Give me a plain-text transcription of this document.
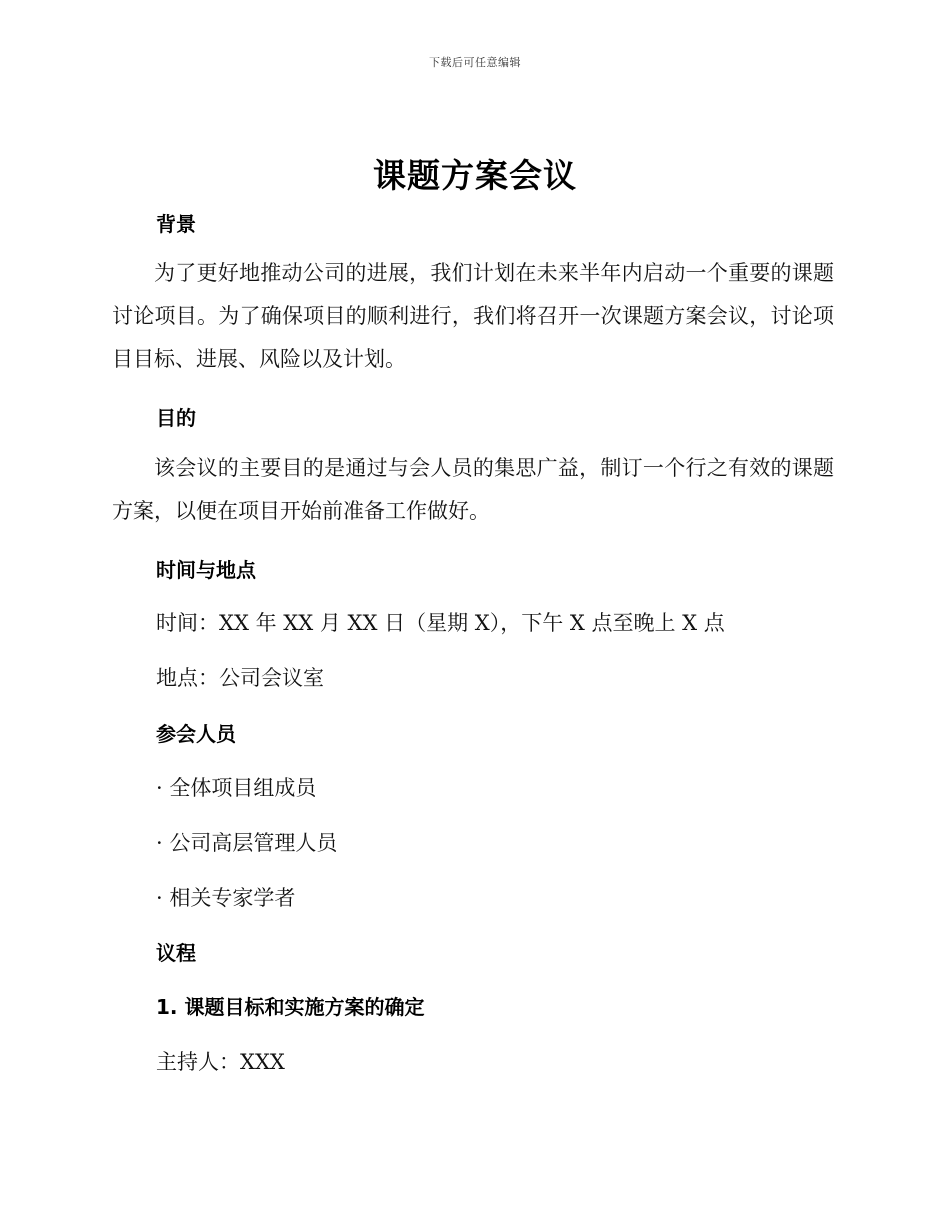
下载后可任意编辑
课题方案会议
背景

为了更好地推动公司的进展，我们计划在未来半年内启动一个重要的课题讨论项目。为了确保项目的顺利进行，我们将召开一次课题方案会议，讨论项目目标、进展、风险以及计划。

目的

该会议的主要目的是通过与会人员的集思广益，制订一个行之有效的课题方案，以便在项目开始前准备工作做好。

时间与地点
时间：XX 年 XX 月 XX 日（星期 X），下午 X 点至晚上 X 点
地点：公司会议室
参会人员
· 全体项目组成员
· 公司高层管理人员
· 相关专家学者
议程
1. 课题目标和实施方案的确定
主持人：XXX
